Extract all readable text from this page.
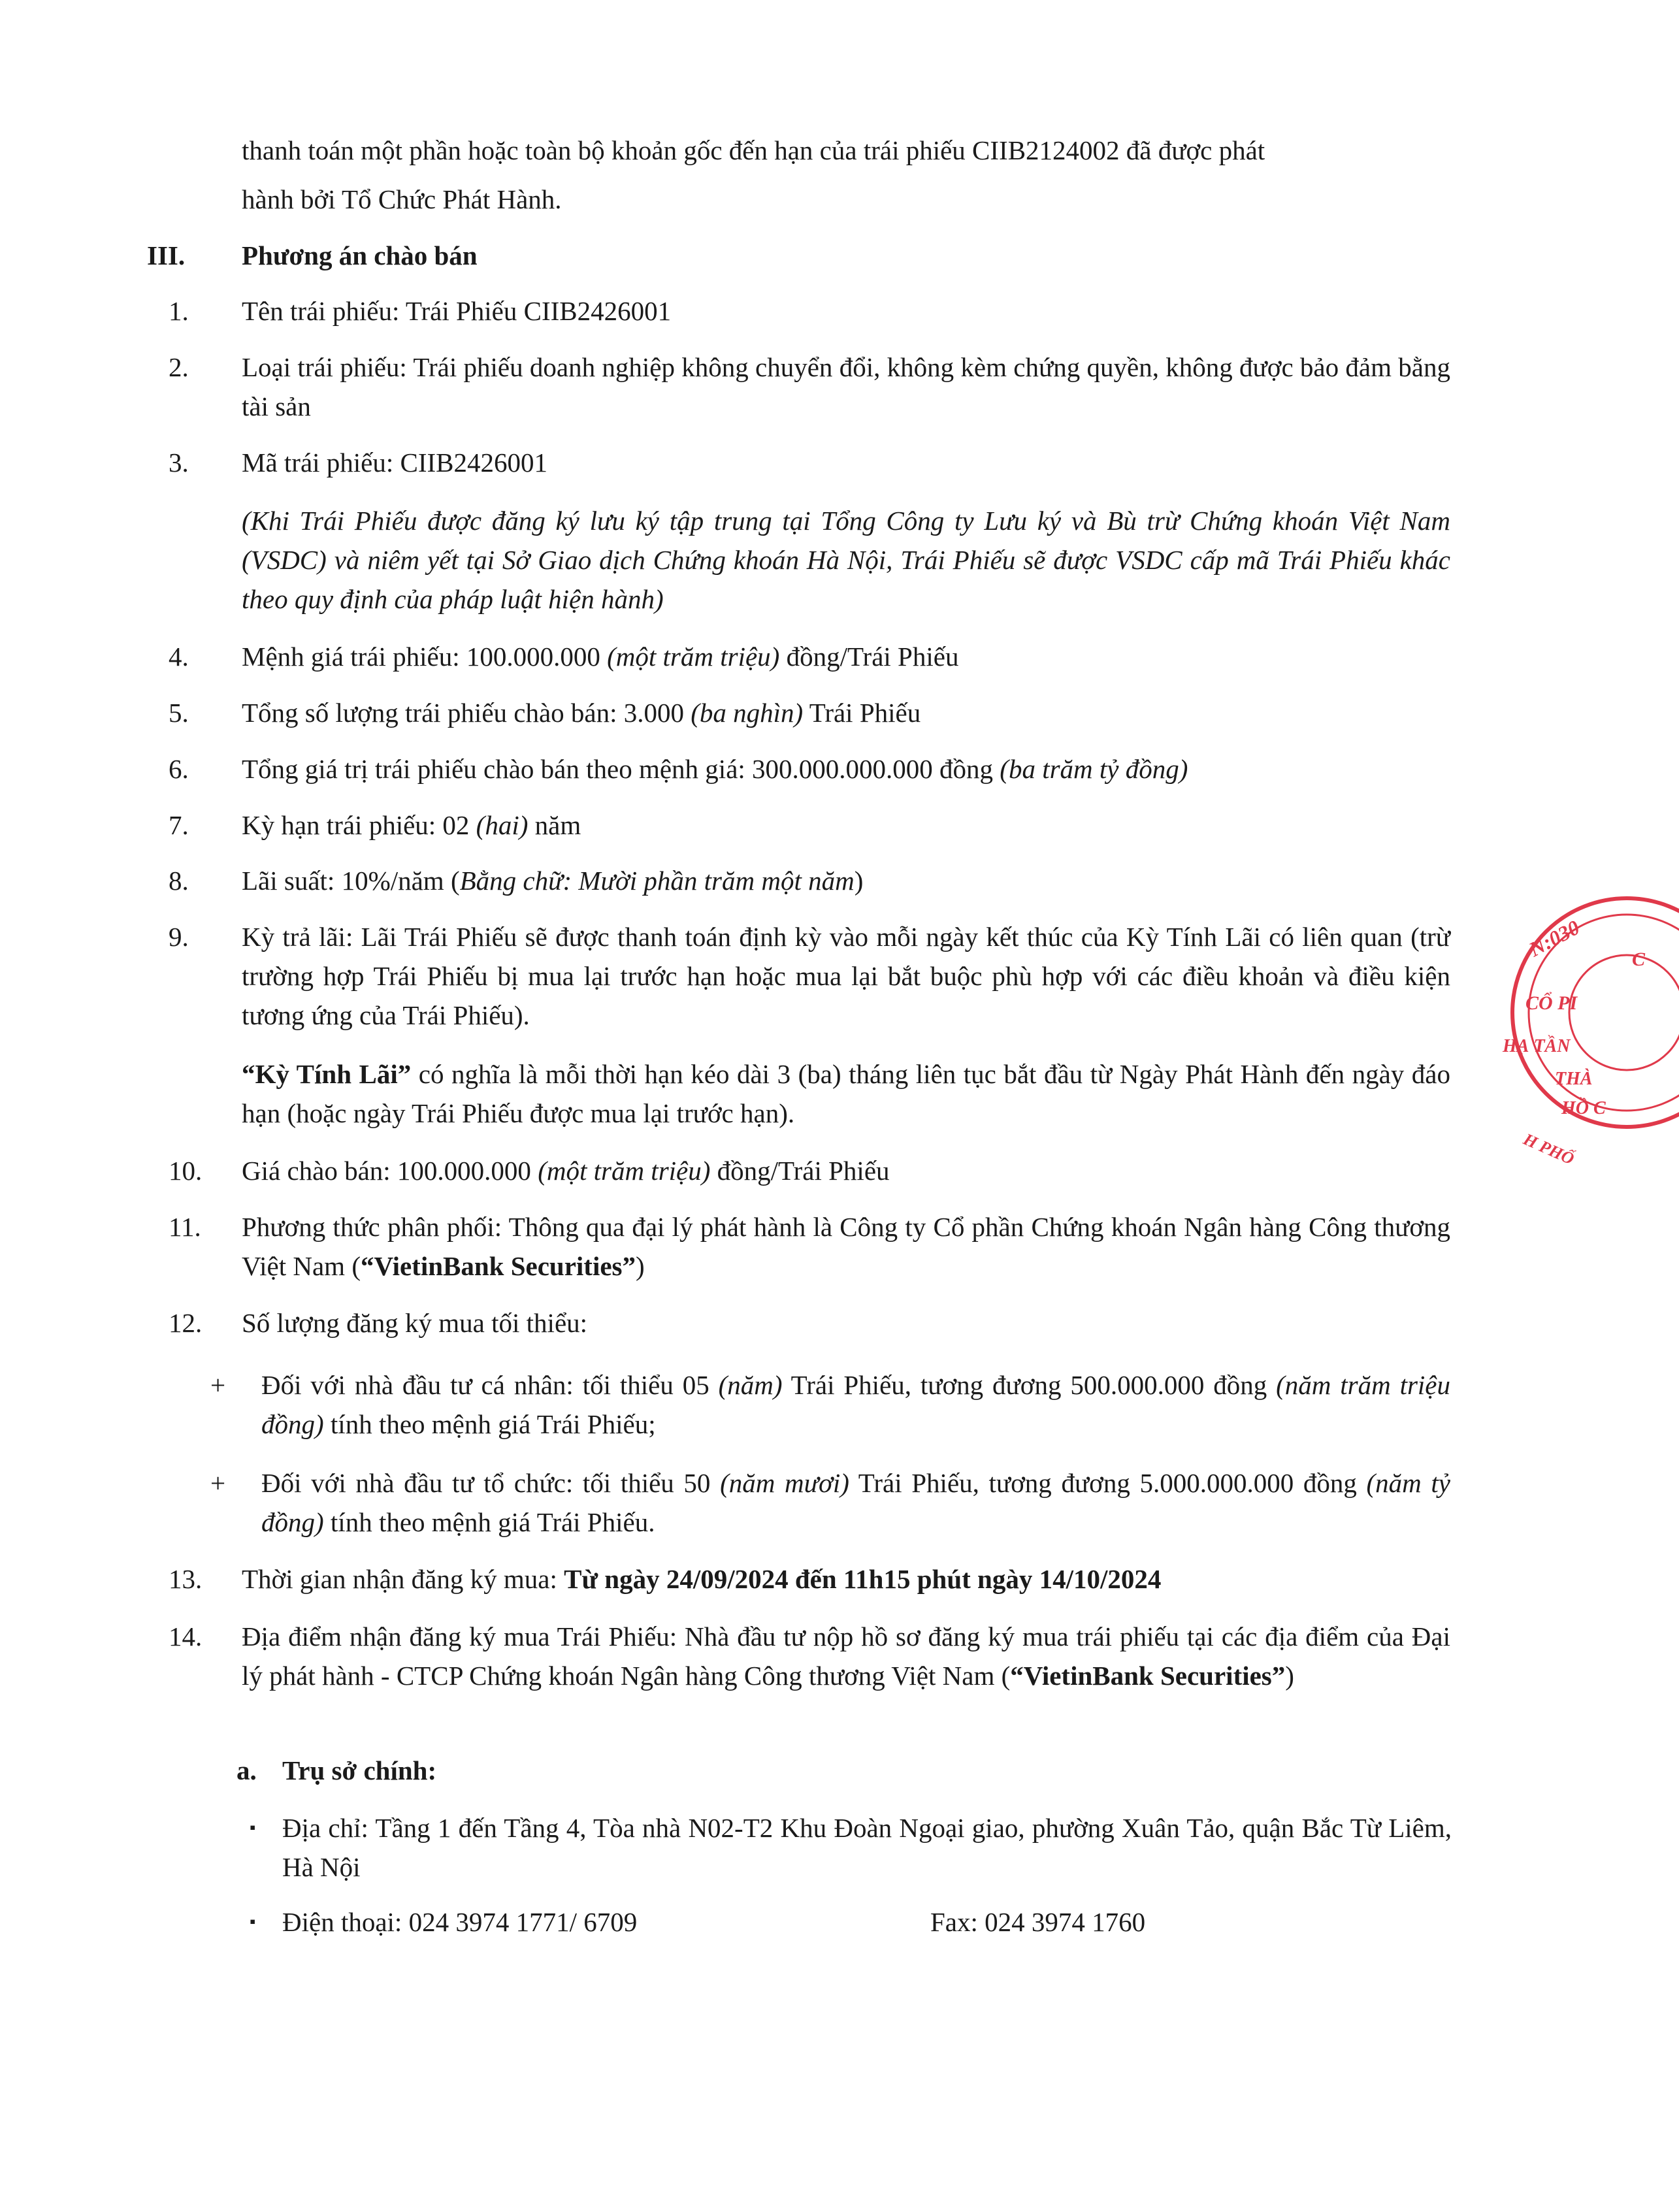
thanh toán một phần hoặc toàn bộ khoản gốc đến hạn của trái phiếu CIIB2124002 đã được phát

hành bởi Tổ Chức Phát Hành.

III. Phương án chào bán
1. Tên trái phiếu: Trái Phiếu CIIB2426001

2. Loại trái phiếu: Trái phiếu doanh nghiệp không chuyển đổi, không kèm chứng quyền, không được bảo đảm bằng tài sản

3. Mã trái phiếu: CIIB2426001

(Khi Trái Phiếu được đăng ký lưu ký tập trung tại Tổng Công ty Lưu ký và Bù trừ Chứng khoán Việt Nam (VSDC) và niêm yết tại Sở Giao dịch Chứng khoán Hà Nội, Trái Phiếu sẽ được VSDC cấp mã Trái Phiếu khác theo quy định của pháp luật hiện hành)

4. Mệnh giá trái phiếu: 100.000.000 (một trăm triệu) đồng/Trái Phiếu

5. Tổng số lượng trái phiếu chào bán: 3.000 (ba nghìn) Trái Phiếu

6. Tổng giá trị trái phiếu chào bán theo mệnh giá: 300.000.000.000 đồng (ba trăm tỷ đồng)

7. Kỳ hạn trái phiếu: 02 (hai) năm

8. Lãi suất: 10%/năm (Bằng chữ: Mười phần trăm một năm)

9. Kỳ trả lãi: Lãi Trái Phiếu sẽ được thanh toán định kỳ vào mỗi ngày kết thúc của Kỳ Tính Lãi có liên quan (trừ trường hợp Trái Phiếu bị mua lại trước hạn hoặc mua lại bắt buộc phù hợp với các điều khoản và điều kiện tương ứng của Trái Phiếu).

“Kỳ Tính Lãi” có nghĩa là mỗi thời hạn kéo dài 3 (ba) tháng liên tục bắt đầu từ Ngày Phát Hành đến ngày đáo hạn (hoặc ngày Trái Phiếu được mua lại trước hạn).

10. Giá chào bán: 100.000.000 (một trăm triệu) đồng/Trái Phiếu

11. Phương thức phân phối: Thông qua đại lý phát hành là Công ty Cổ phần Chứng khoán Ngân hàng Công thương Việt Nam (“VietinBank Securities”)

12. Số lượng đăng ký mua tối thiểu:

+ Đối với nhà đầu tư cá nhân: tối thiểu 05 (năm) Trái Phiếu, tương đương 500.000.000 đồng (năm trăm triệu đồng) tính theo mệnh giá Trái Phiếu;

+ Đối với nhà đầu tư tổ chức: tối thiểu 50 (năm mươi) Trái Phiếu, tương đương 5.000.000.000 đồng (năm tỷ đồng) tính theo mệnh giá Trái Phiếu.

13. Thời gian nhận đăng ký mua: Từ ngày 24/09/2024 đến 11h15 phút ngày 14/10/2024

14. Địa điểm nhận đăng ký mua Trái Phiếu: Nhà đầu tư nộp hồ sơ đăng ký mua trái phiếu tại các địa điểm của Đại lý phát hành - CTCP Chứng khoán Ngân hàng Công thương Việt Nam (“VietinBank Securities”)

a. Trụ sở chính:
▪ Địa chỉ: Tầng 1 đến Tầng 4, Tòa nhà N02-T2 Khu Đoàn Ngoại giao, phường Xuân Tảo, quận Bắc Từ Liêm, Hà Nội

▪ Điện thoại: 024 3974 1771/ 6709	Fax: 024 3974 1760
N:030 C
CỔ PI
HẠ TẦN
THÀ
HỒ C
H PHỐ
